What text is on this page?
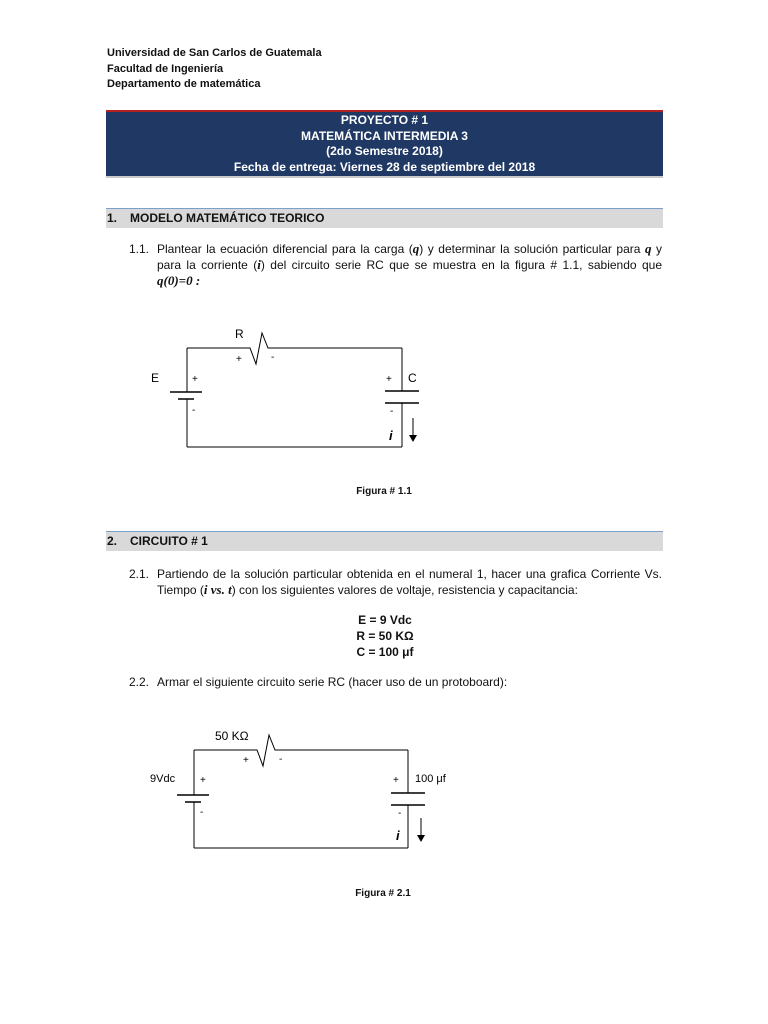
Universidad de San Carlos de Guatemala
Facultad de Ingeniería
Departamento de matemática
PROYECTO # 1
MATEMÁTICA INTERMEDIA 3
(2do Semestre 2018)
Fecha de entrega: Viernes 28 de septiembre del 2018
1. MODELO MATEMÁTICO TEORICO
1.1. Plantear la ecuación diferencial para la carga (q) y determinar la solución particular para q y para la corriente (i) del circuito serie RC que se muestra en la figura # 1.1, sabiendo que q(0)=0 :
R
+	-
E	+
-
+ C
-
i
50 KΩ
+	-
9Vdc +
-
+ 100 μf
-
i
Figura # 1.1
2. CIRCUITO # 1
2.1. Partiendo de la solución particular obtenida en el numeral 1, hacer una grafica Corriente Vs. Tiempo (i vs. t) con los siguientes valores de voltaje, resistencia y capacitancia:
E = 9 Vdc
R = 50 KΩ
C = 100 μf
2.2. Armar el siguiente circuito serie RC (hacer uso de un protoboard):
Figura # 2.1
